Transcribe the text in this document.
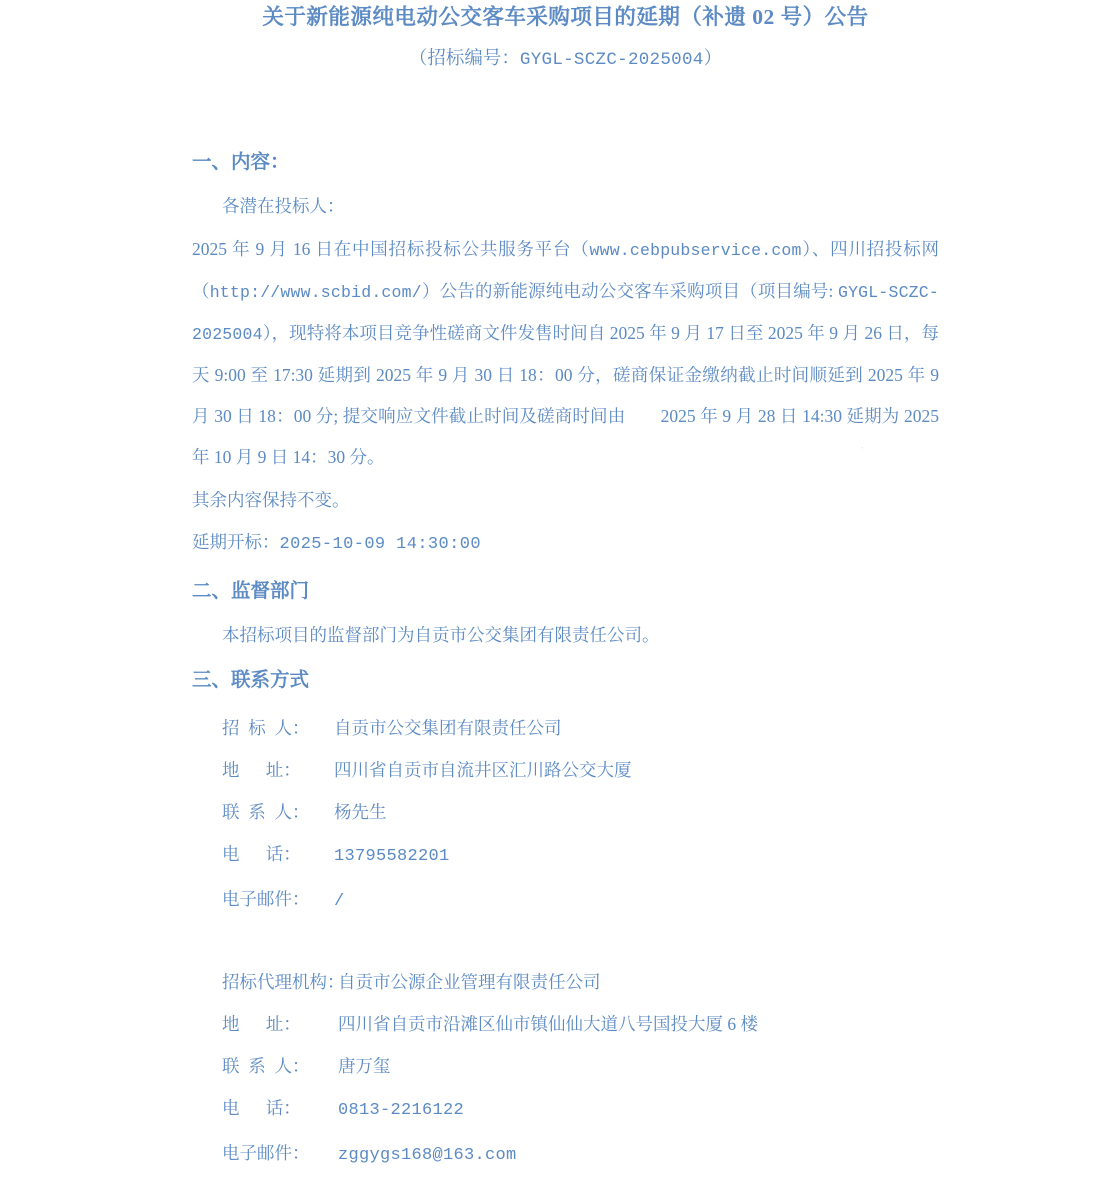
关于新能源纯电动公交客车采购项目的延期（补遗 02 号）公告
（招标编号：GYGL-SCZC-2025004）
一、内容：
各潜在投标人：
2025 年 9 月 16 日在中国招标投标公共服务平台（www.cebpubservice.com）、四川招投标网（http://www.scbid.com/）公告的新能源纯电动公交客车采购项目（项目编号: GYGL-SCZC-2025004），现特将本项目竞争性磋商文件发售时间自 2025 年 9 月 17 日至 2025 年 9 月 26 日，每天 9:00 至 17:30 延期到 2025 年 9 月 30 日 18：00 分，磋商保证金缴纳截止时间顺延到 2025 年 9 月 30 日 18：00 分; 提交响应文件截止时间及磋商时间由　　2025 年 9 月 28 日 14:30 延期为 2025 年 10 月 9 日 14：30 分。
其余内容保持不变。
延期开标：2025-10-09 14:30:00
二、监督部门
本招标项目的监督部门为自贡市公交集团有限责任公司。
三、联系方式
招  标  人：	自贡市公交集团有限责任公司
地      址：	四川省自贡市自流井区汇川路公交大厦
联  系  人：	杨先生
电      话：	13795582201
电子邮件：	/
招标代理机构：
自贡市公源企业管理有限责任公司
地      址：	四川省自贡市沿滩区仙市镇仙仙大道八号国投大厦 6 楼
联  系  人：	唐万玺
电      话：	0813-2216122
电子邮件：	zggygs168@163.com
·
